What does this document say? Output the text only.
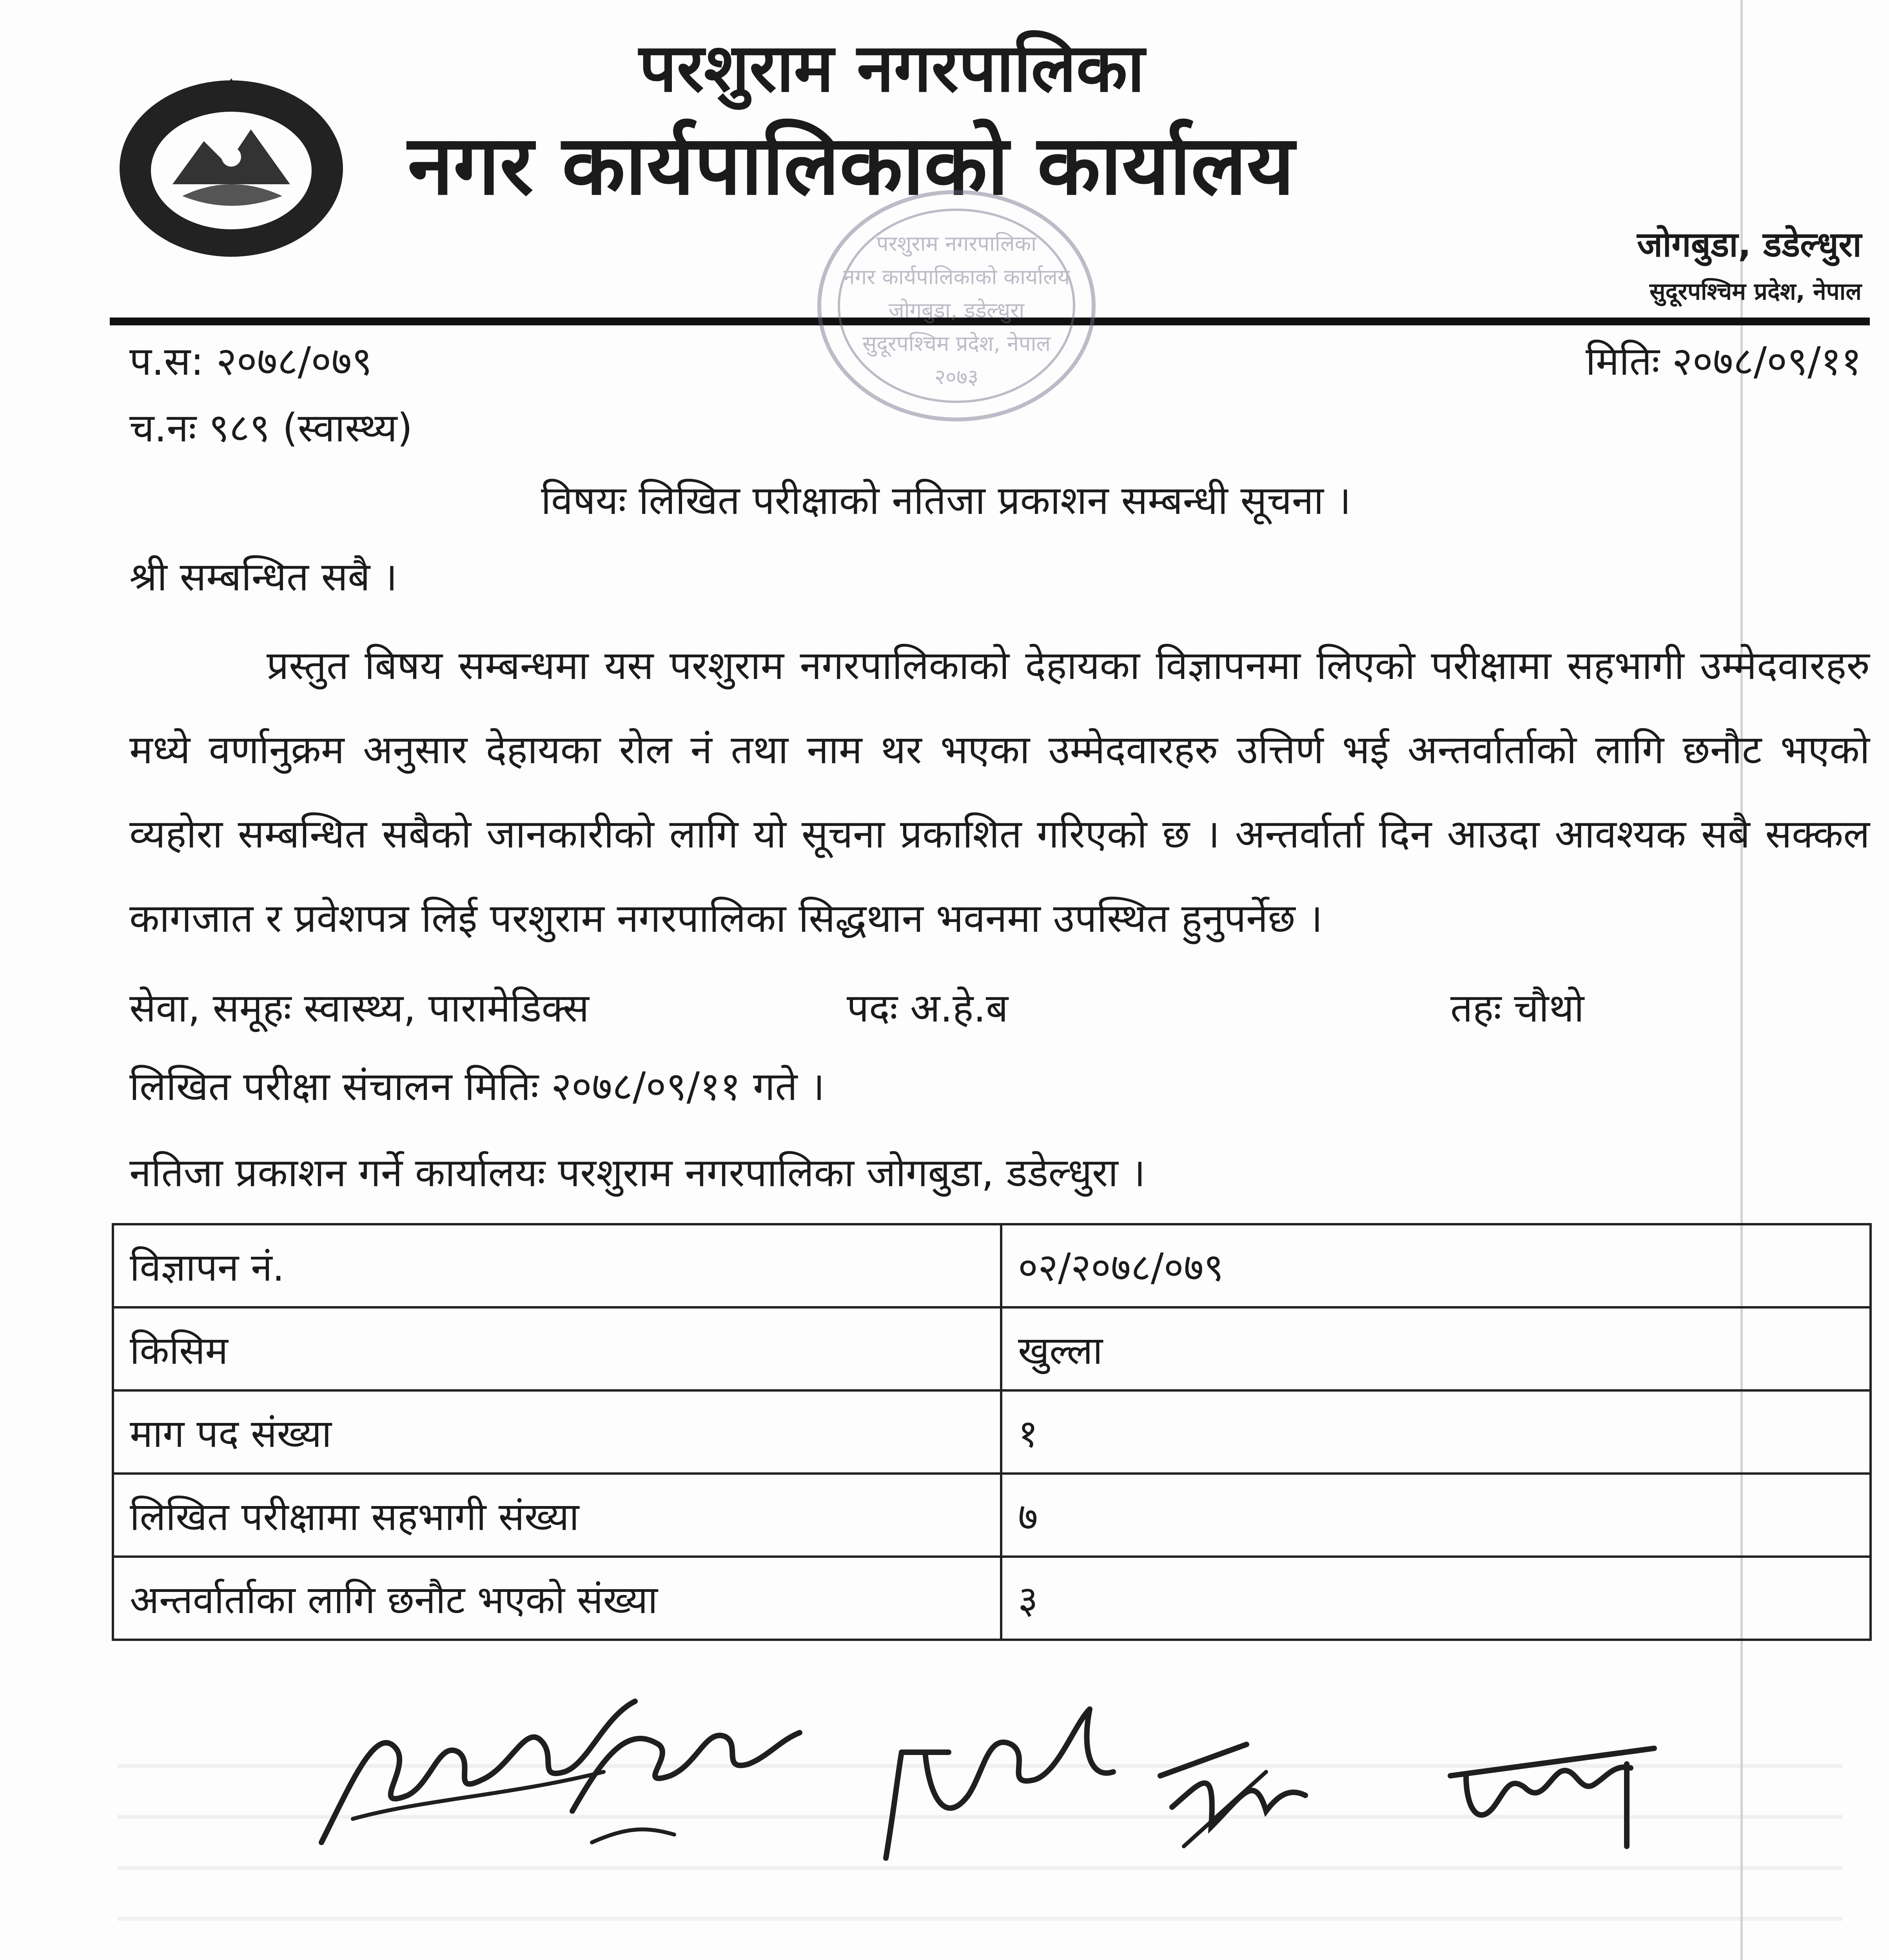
परशुराम नगरपालिका
नगर कार्यपालिकाको कार्यालय
जोगबुडा, डडेल्धुरा
सुदूरपश्चिम प्रदेश, नेपाल
परशुराम नगरपालिका
नगर कार्यपालिकाको कार्यालय
जोगबुडा, डडेल्धुरा
सुदूरपश्चिम प्रदेश, नेपाल
२०७३
प.स: २०७८/०७९	मितिः २०७८/०९/११
च.नः ९८९ (स्वास्थ्य)
विषयः लिखित परीक्षाको नतिजा प्रकाशन सम्बन्धी सूचना ।
श्री सम्बन्धित सबै ।

प्रस्तुत बिषय सम्बन्धमा यस परशुराम नगरपालिकाको देहायका विज्ञापनमा लिएको परीक्षामा सहभागी उम्मेदवारहरु मध्ये वर्णानुक्रम अनुसार देहायका रोल नं तथा नाम थर भएका उम्मेदवारहरु उत्तिर्ण भई अन्तर्वार्ताको लागि छनौट भएको व्यहोरा सम्बन्धित सबैको जानकारीको लागि यो सूचना प्रकाशित गरिएको छ । अन्तर्वार्ता दिन आउदा आवश्यक सबै सक्कल कागजात र प्रवेशपत्र लिई परशुराम नगरपालिका सिद्धथान भवनमा उपस्थित हुनुपर्नेछ ।

सेवा, समूहः स्वास्थ्य, पारामेडिक्स	पदः अ.हे.ब	तहः चौथो
लिखित परीक्षा संचालन मितिः २०७८/०९/११ गते ।
नतिजा प्रकाशन गर्ने कार्यालयः परशुराम नगरपालिका जोगबुडा, डडेल्धुरा ।
विज्ञापन नं.	०२/२०७८/०७९
किसिम	खुल्ला
माग पद संख्या	१
लिखित परीक्षामा सहभागी संख्या	७
अन्तर्वार्ताका लागि छनौट भएको संख्या	३
